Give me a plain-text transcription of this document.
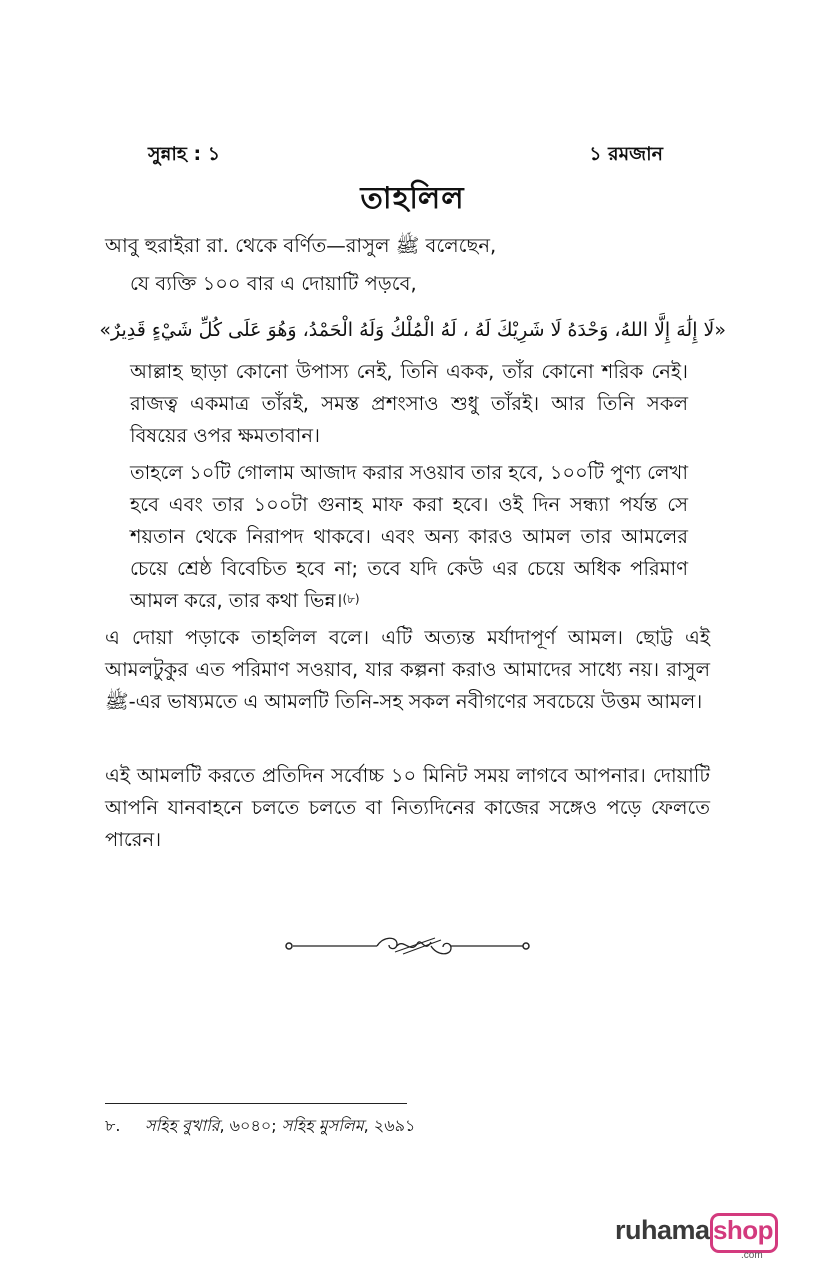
সুন্নাহ : ১	১ রমজান
তাহলিল

আবু হুরাইরা রা. থেকে বর্ণিত—রাসুল ﷺ বলেছেন,

যে ব্যক্তি ১০০ বার এ দোয়াটি পড়বে,

«لَا إِلَٰهَ إِلَّا اللهُ، وَحْدَهُ لَا شَرِيْكَ لَهُ ، لَهُ الْمُلْكُ وَلَهُ الْحَمْدُ، وَهُوَ عَلَى كُلِّ شَيْءٍ قَدِيرٌ»

আল্লাহ ছাড়া কোনো উপাস্য নেই, তিনি একক, তাঁর কোনো শরিক নেই। রাজত্ব একমাত্র তাঁরই, সমস্ত প্রশংসাও শুধু তাঁরই। আর তিনি সকল বিষয়ের ওপর ক্ষমতাবান।

তাহলে ১০টি গোলাম আজাদ করার সওয়াব তার হবে, ১০০টি পুণ্য লেখা হবে এবং তার ১০০টা গুনাহ মাফ করা হবে। ওই দিন সন্ধ্যা পর্যন্ত সে শয়তান থেকে নিরাপদ থাকবে। এবং অন্য কারও আমল তার আমলের চেয়ে শ্রেষ্ঠ বিবেচিত হবে না; তবে যদি কেউ এর চেয়ে অধিক পরিমাণ আমল করে, তার কথা ভিন্ন।$^{(৮)}$

এ দোয়া পড়াকে তাহলিল বলে। এটি অত্যন্ত মর্যাদাপূর্ণ আমল। ছোট্ট এই আমলটুকুর এত পরিমাণ সওয়াব, যার কল্পনা করাও আমাদের সাধ্যে নয়। রাসুল ﷺ-এর ভাষ্যমতে এ আমলটি তিনি-সহ সকল নবীগণের সবচেয়ে উত্তম আমল।

এই আমলটি করতে প্রতিদিন সর্বোচ্চ ১০ মিনিট সময় লাগবে আপনার। দোয়াটি আপনি যানবাহনে চলতে চলতে বা নিত্যদিনের কাজের সঙ্গেও পড়ে ফেলতে পারেন।

৮. সহিহ বুখারি, ৬০৪০; সহিহ মুসলিম, ২৬৯১
ruhama shop
.com
